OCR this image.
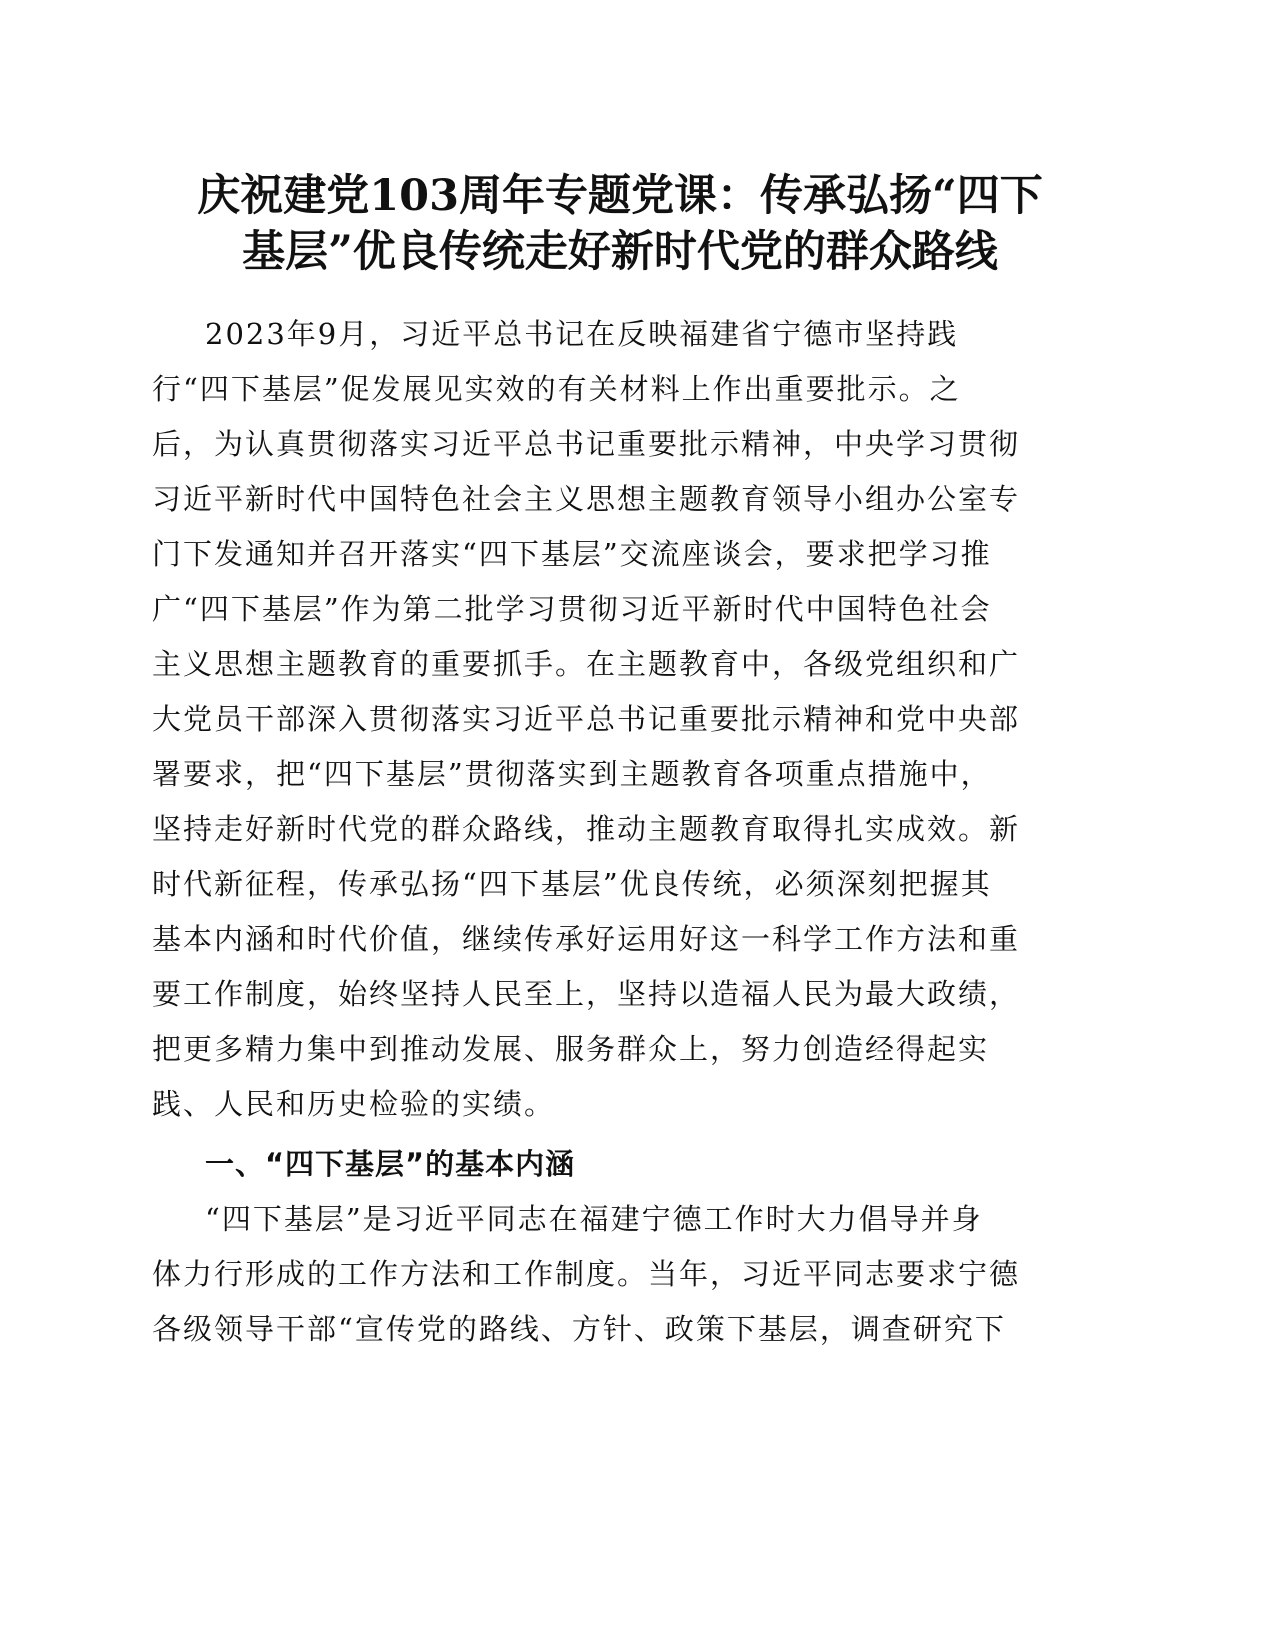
庆祝建党103周年专题党课：传承弘扬“四下
基层”优良传统走好新时代党的群众路线

2023年9月，习近平总书记在反映福建省宁德市坚持践

行“四下基层”促发展见实效的有关材料上作出重要批示。之

后，为认真贯彻落实习近平总书记重要批示精神，中央学习贯彻

习近平新时代中国特色社会主义思想主题教育领导小组办公室专

门下发通知并召开落实“四下基层”交流座谈会，要求把学习推

广“四下基层”作为第二批学习贯彻习近平新时代中国特色社会

主义思想主题教育的重要抓手。在主题教育中，各级党组织和广

大党员干部深入贯彻落实习近平总书记重要批示精神和党中央部

署要求，把“四下基层”贯彻落实到主题教育各项重点措施中，

坚持走好新时代党的群众路线，推动主题教育取得扎实成效。新

时代新征程，传承弘扬“四下基层”优良传统，必须深刻把握其

基本内涵和时代价值，继续传承好运用好这一科学工作方法和重

要工作制度，始终坚持人民至上，坚持以造福人民为最大政绩，

把更多精力集中到推动发展、服务群众上，努力创造经得起实

践、人民和历史检验的实绩。

一、“四下基层”的基本内涵

“四下基层”是习近平同志在福建宁德工作时大力倡导并身

体力行形成的工作方法和工作制度。当年，习近平同志要求宁德

各级领导干部“宣传党的路线、方针、政策下基层，调查研究下
